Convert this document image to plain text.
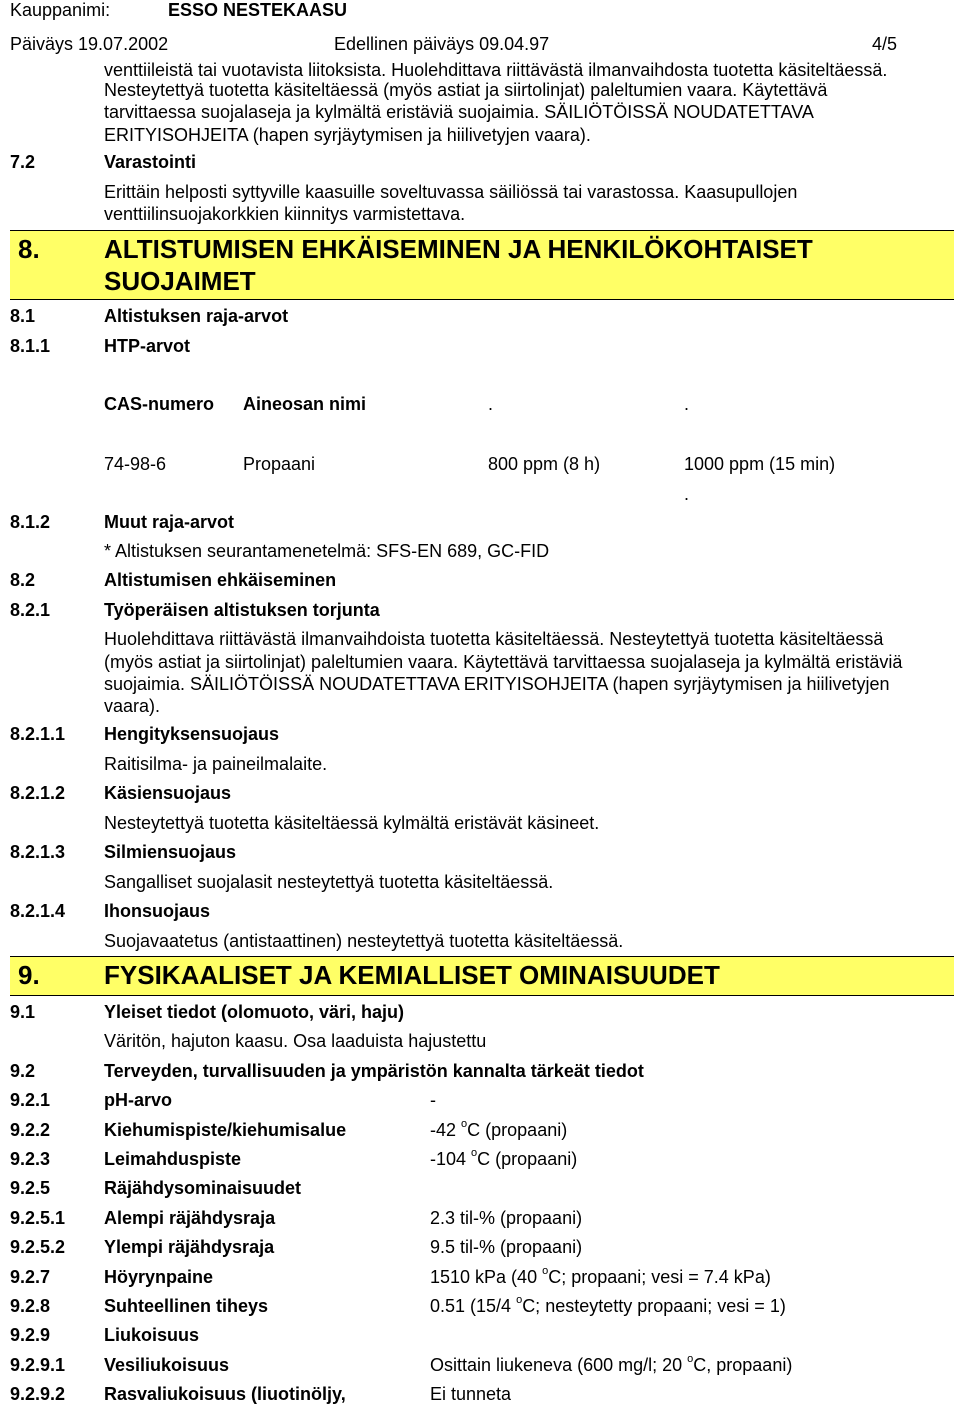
Kauppanimi:	ESSO NESTEKAASU
Päiväys 19.07.2002	Edellinen päiväys 09.04.97	4/5
venttiileistä tai vuotavista liitoksista. Huolehdittava riittävästä ilmanvaihdosta tuotetta käsiteltäessä.
Nesteytettyä tuotetta käsiteltäessä (myös astiat ja siirtolinjat) paleltumien vaara. Käytettävä
tarvittaessa suojalaseja ja kylmältä eristäviä suojaimia. SÄILIÖTÖISSÄ NOUDATETTAVA
ERITYISOHJEITA (hapen syrjäytymisen ja hiilivetyjen vaara).
7.2	Varastointi
Erittäin helposti syttyville kaasuille soveltuvassa säiliössä tai varastossa. Kaasupullojen
venttiilinsuojakorkkien kiinnitys varmistettava.
8. ALTISTUMISEN EHKÄISEMINEN JA HENKILÖKOHTAISET SUOJAIMET
8.1	Altistuksen raja-arvot
8.1.1	HTP-arvot
CAS-numero Aineosan nimi	.	.
74-98-6	Propaani	800 ppm (8 h)	1000 ppm (15 min)
.
8.1.2	Muut raja-arvot
* Altistuksen seurantamenetelmä: SFS-EN 689, GC-FID
8.2	Altistumisen ehkäiseminen
8.2.1	Työperäisen altistuksen torjunta
Huolehdittava riittävästä ilmanvaihdoista tuotetta käsiteltäessä. Nesteytettyä tuotetta käsiteltäessä
(myös astiat ja siirtolinjat) paleltumien vaara. Käytettävä tarvittaessa suojalaseja ja kylmältä eristäviä
suojaimia. SÄILIÖTÖISSÄ NOUDATETTAVA ERITYISOHJEITA (hapen syrjäytymisen ja hiilivetyjen
vaara).
8.2.1.1 Hengityksensuojaus
Raitisilma- ja paineilmalaite.
8.2.1.2 Käsiensuojaus
Nesteytettyä tuotetta käsiteltäessä kylmältä eristävät käsineet.
8.2.1.3 Silmiensuojaus
Sangalliset suojalasit nesteytettyä tuotetta käsiteltäessä.
8.2.1.4 Ihonsuojaus
Suojavaatetus (antistaattinen) nesteytettyä tuotetta käsiteltäessä.
9. FYSIKAALISET JA KEMIALLISET OMINAISUUDET
9.1	Yleiset tiedot (olomuoto, väri, haju)
Väritön, hajuton kaasu. Osa laaduista hajustettu
9.2	Terveyden, turvallisuuden ja ympäristön kannalta tärkeät tiedot
9.2.1	pH-arvo	-
9.2.2	Kiehumispiste/kiehumisalue	-42 $^o$C (propaani)
9.2.3	Leimahduspiste	-104 $^o$C (propaani)
9.2.5	Räjähdysominaisuudet
9.2.5.1 Alempi räjähdysraja	2.3 til-% (propaani)
9.2.5.2 Ylempi räjähdysraja	9.5 til-% (propaani)
9.2.7	Höyrynpaine	1510 kPa (40 $^o$C; propaani; vesi = 7.4 kPa)
9.2.8	Suhteellinen tiheys	0.51 (15/4 $^o$C; nesteytetty propaani; vesi = 1)
9.2.9	Liukoisuus
9.2.9.1 Vesiliukoisuus	Osittain liukeneva (600 mg/l; 20 $^o$C, propaani)
9.2.9.2 Rasvaliukoisuus (liuotinöljy,	Ei tunneta
